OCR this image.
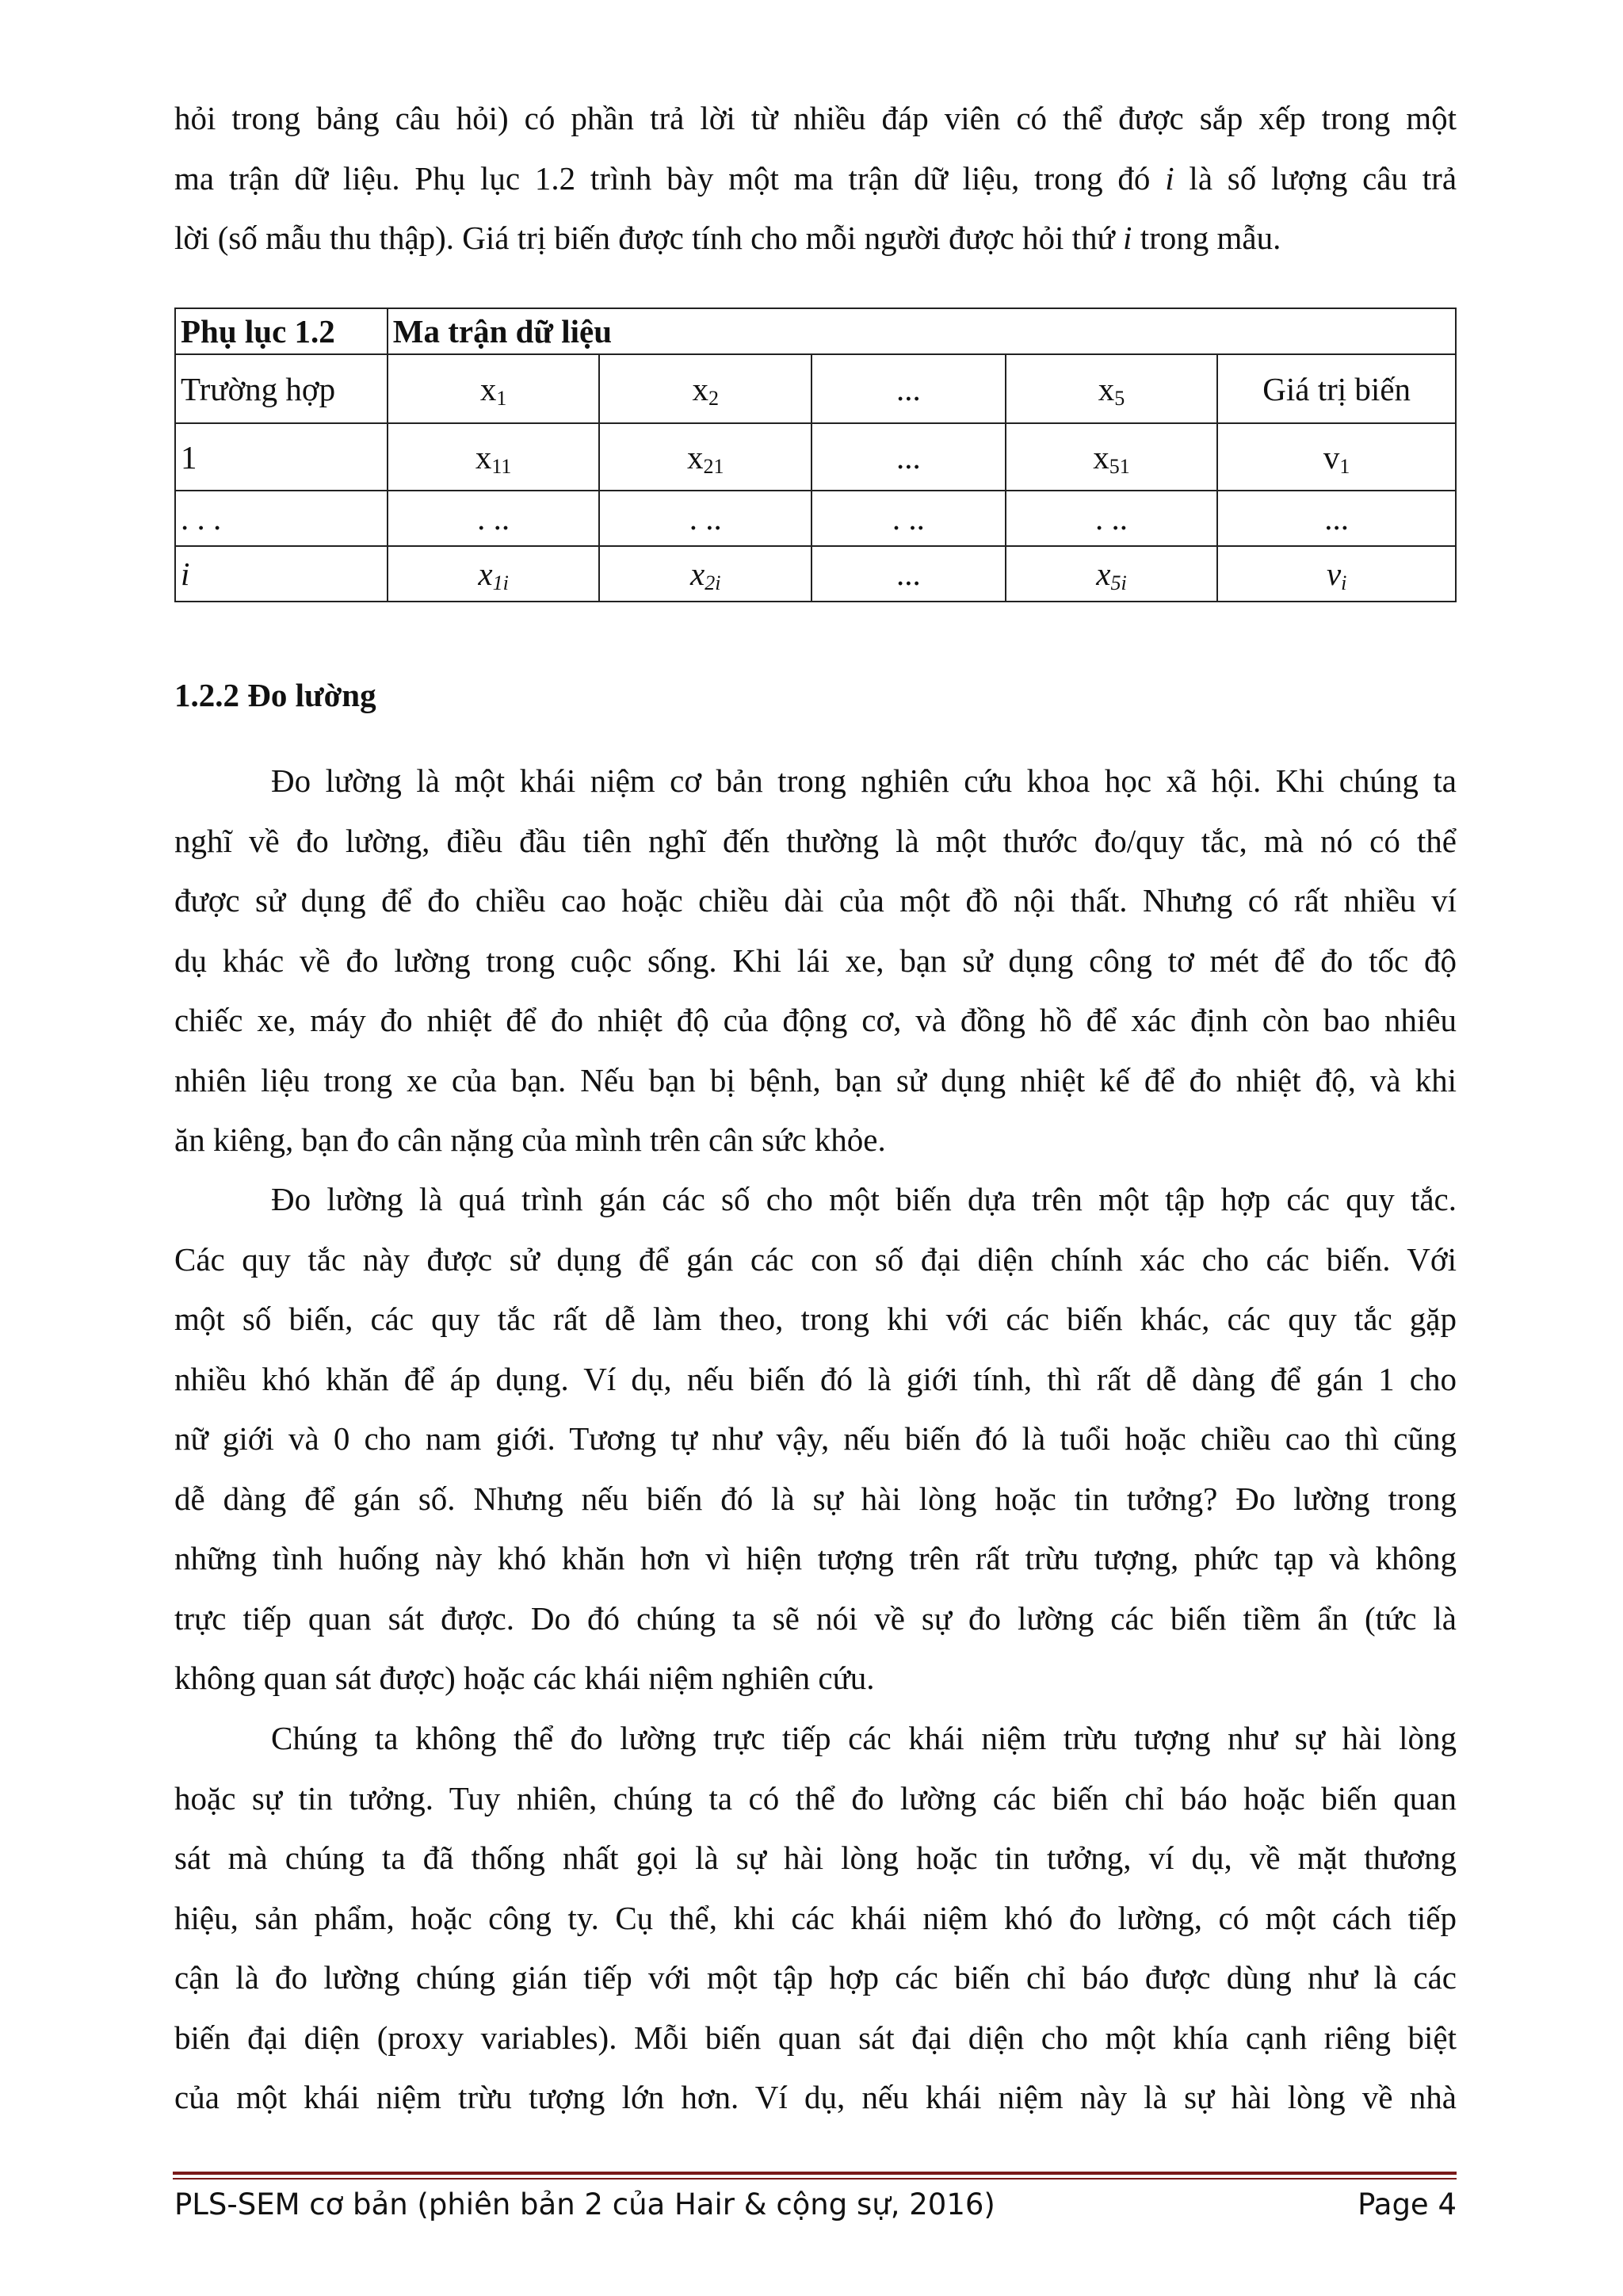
hỏi trong bảng câu hỏi) có phần trả lời từ nhiều đáp viên có thể được sắp xếp trong một
ma trận dữ liệu. Phụ lục 1.2 trình bày một ma trận dữ liệu, trong đó i là số lượng câu trả
lời (số mẫu thu thập). Giá trị biến được tính cho mỗi người được hỏi thứ i trong mẫu.
Phụ lục 1.2	Ma trận dữ liệu				
Trường hợp	$x_1$	$x_2$	...	$x_5$	Giá trị biến
1	$x_{11}$	$x_{21}$	...	$x_{51}$	$v_1$
. . .	. ..	. ..	. ..	. ..	...
i	$x_{1i}$	$x_{2i}$	...	$x_{5i}$	$v_i$
1.2.2 Đo lường
Đo lường là một khái niệm cơ bản trong nghiên cứu khoa học xã hội. Khi chúng ta
nghĩ về đo lường, điều đầu tiên nghĩ đến thường là một thước đo/quy tắc, mà nó có thể
được sử dụng để đo chiều cao hoặc chiều dài của một đồ nội thất. Nhưng có rất nhiều ví
dụ khác về đo lường trong cuộc sống. Khi lái xe, bạn sử dụng công tơ mét để đo tốc độ
chiếc xe, máy đo nhiệt để đo nhiệt độ của động cơ, và đồng hồ để xác định còn bao nhiêu
nhiên liệu trong xe của bạn. Nếu bạn bị bệnh, bạn sử dụng nhiệt kế để đo nhiệt độ, và khi
ăn kiêng, bạn đo cân nặng của mình trên cân sức khỏe.
Đo lường là quá trình gán các số cho một biến dựa trên một tập hợp các quy tắc.
Các quy tắc này được sử dụng để gán các con số đại diện chính xác cho các biến. Với
một số biến, các quy tắc rất dễ làm theo, trong khi với các biến khác, các quy tắc gặp
nhiều khó khăn để áp dụng. Ví dụ, nếu biến đó là giới tính, thì rất dễ dàng để gán 1 cho
nữ giới và 0 cho nam giới. Tương tự như vậy, nếu biến đó là tuổi hoặc chiều cao thì cũng
dễ dàng để gán số. Nhưng nếu biến đó là sự hài lòng hoặc tin tưởng? Đo lường trong
những tình huống này khó khăn hơn vì hiện tượng trên rất trừu tượng, phức tạp và không
trực tiếp quan sát được. Do đó chúng ta sẽ nói về sự đo lường các biến tiềm ẩn (tức là
không quan sát được) hoặc các khái niệm nghiên cứu.
Chúng ta không thể đo lường trực tiếp các khái niệm trừu tượng như sự hài lòng
hoặc sự tin tưởng. Tuy nhiên, chúng ta có thể đo lường các biến chỉ báo hoặc biến quan
sát mà chúng ta đã thống nhất gọi là sự hài lòng hoặc tin tưởng, ví dụ, về mặt thương
hiệu, sản phẩm, hoặc công ty. Cụ thể, khi các khái niệm khó đo lường, có một cách tiếp
cận là đo lường chúng gián tiếp với một tập hợp các biến chỉ báo được dùng như là các
biến đại diện (proxy variables). Mỗi biến quan sát đại diện cho một khía cạnh riêng biệt
của một khái niệm trừu tượng lớn hơn. Ví dụ, nếu khái niệm này là sự hài lòng về nhà
PLS-SEM cơ bản (phiên bản 2 của Hair & cộng sự, 2016)	Page 4
